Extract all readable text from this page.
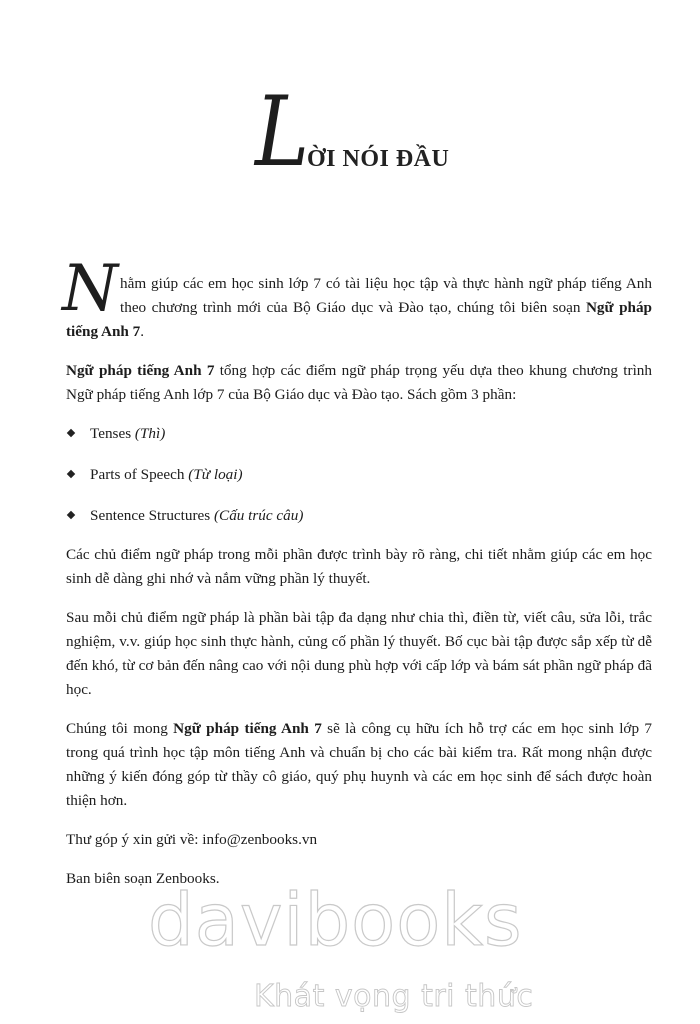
L
ỜI NÓI ĐẦU

Nhằm giúp các em học sinh lớp 7 có tài liệu học tập và thực hành ngữ pháp tiếng Anh theo chương trình mới của Bộ Giáo dục và Đào tạo, chúng tôi biên soạn Ngữ pháp tiếng Anh 7.

Ngữ pháp tiếng Anh 7 tổng hợp các điểm ngữ pháp trọng yếu dựa theo khung chương trình Ngữ pháp tiếng Anh lớp 7 của Bộ Giáo dục và Đào tạo. Sách gồm 3 phần:

Tenses (Thì)
Parts of Speech (Từ loại)
Sentence Structures (Cấu trúc câu)

Các chủ điểm ngữ pháp trong mỗi phần được trình bày rõ ràng, chi tiết nhằm giúp các em học sinh dễ dàng ghi nhớ và nắm vững phần lý thuyết.

Sau mỗi chủ điểm ngữ pháp là phần bài tập đa dạng như chia thì, điền từ, viết câu, sửa lỗi, trắc nghiệm, v.v. giúp học sinh thực hành, củng cố phần lý thuyết. Bố cục bài tập được sắp xếp từ dễ đến khó, từ cơ bản đến nâng cao với nội dung phù hợp với cấp lớp và bám sát phần ngữ pháp đã học.

Chúng tôi mong Ngữ pháp tiếng Anh 7 sẽ là công cụ hữu ích hỗ trợ các em học sinh lớp 7 trong quá trình học tập môn tiếng Anh và chuẩn bị cho các bài kiểm tra. Rất mong nhận được những ý kiến đóng góp từ thầy cô giáo, quý phụ huynh và các em học sinh để sách được hoàn thiện hơn.

Thư góp ý xin gửi về: info@zenbooks.vn

Ban biên soạn Zenbooks.

davibooks
Khát vọng tri thức
